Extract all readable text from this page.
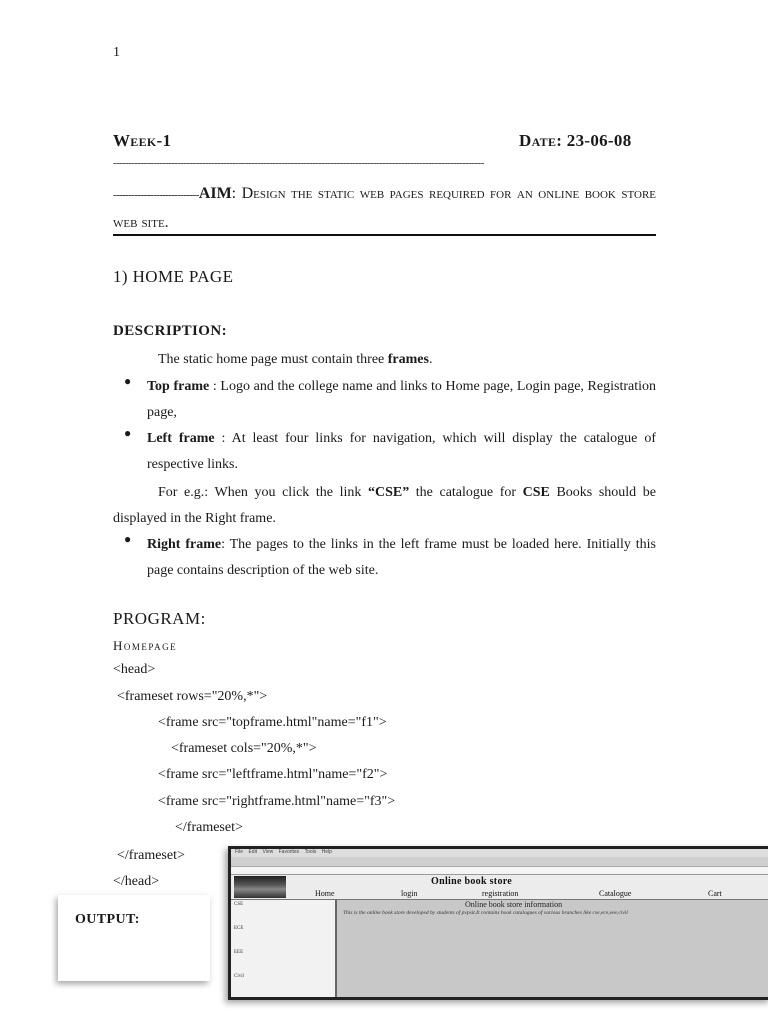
1
Week-1	Date: 23-06-08
-------------------------------------------------------------------------------------------------------------------------
----------------------------AIM: Design the static web pages required for an online book store web site.
1) HOME PAGE
DESCRIPTION:
The static home page must contain three frames.
● Top frame : Logo and the college name and links to Home page, Login page, Registration page,
● Left frame : At least four links for navigation, which will display the catalogue of respective links.
For e.g.: When you click the link “CSE” the catalogue for CSE Books should be displayed in the Right frame.
● Right frame: The pages to the links in the left frame must be loaded here. Initially this page contains description of the web site.
PROGRAM:
Homepage
<head>
<frameset rows="20%,*">
<frame src="topframe.html"name="f1">
<frameset cols="20%,*">
<frame src="leftframe.html"name="f2">
<frame src="rightframe.html"name="f3">
</frameset>
</frameset>
</head>
File Edit View Favorites Tools Help
Online book store
Home	login	registration	Catalogue	Cart
CSE
ECE
EEE
Civil
Online book store information
This is the online book store developed by students of pvpsit.It contains book catalogues of various branches like cse,ece,eee,civil
OUTPUT:
